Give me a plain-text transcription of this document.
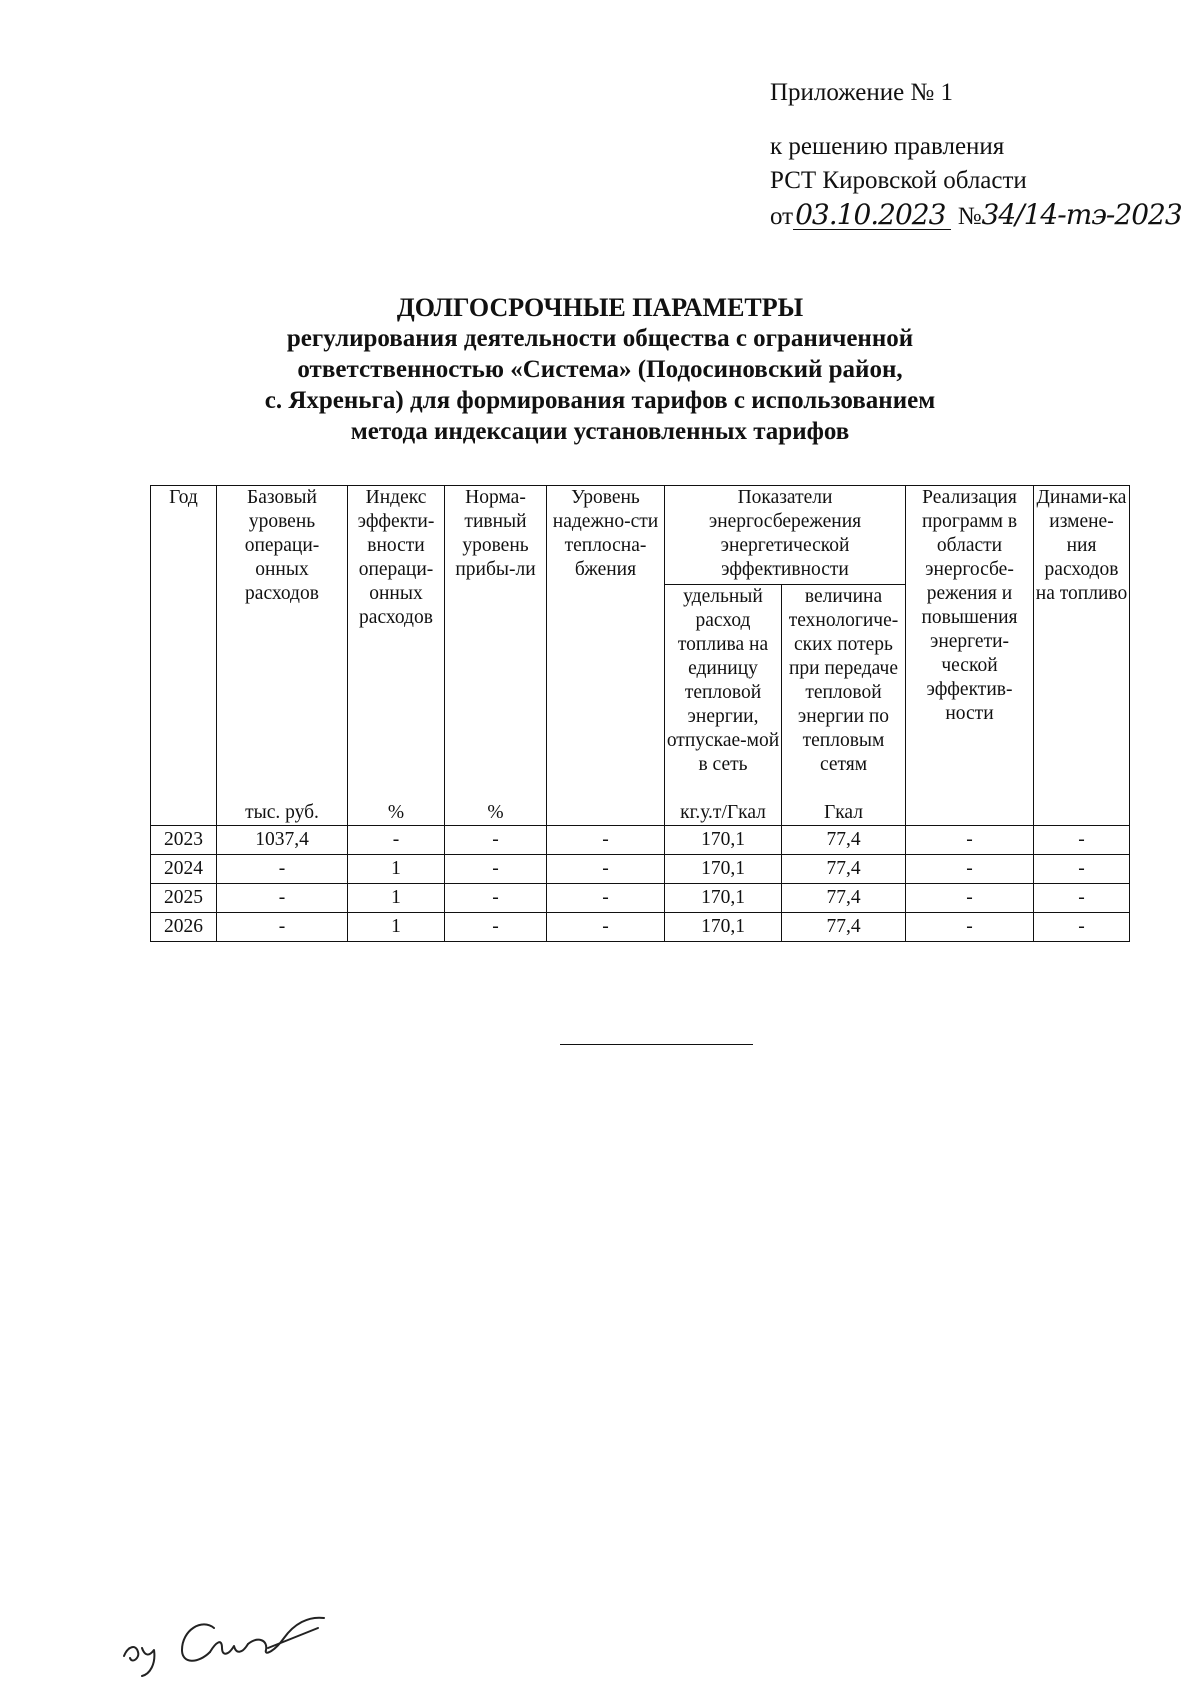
Приложение № 1
к решению правления
РСТ Кировской области
от03.10.2023 №34/14-тэ-2023
ДОЛГОСРОЧНЫЕ ПАРАМЕТРЫ
регулирования деятельности общества с ограниченной
ответственностью «Система» (Подосиновский район,
с. Яхреньга) для формирования тарифов с использованием
метода индексации установленных тарифов
Год	Базовый уровень операци-онных расходов	Индекс эффекти-вности операци-онных расходов	Норма-тивный уровень прибы-ли	Уровень надежно-сти теплосна-бжения	Показатели энергосбережения энергетической эффективности		Реализация программ в области энергосбе-режения и повышения энергети-ческой эффектив-ности	Динами-ка измене-ния расходов на топливо
					удельный расход топлива на единицу тепловой энергии, отпускае-мой в сеть	величина технологиче-ских потерь при передаче тепловой энергии по тепловым сетям		
	тыс. руб.	%	%		кг.у.т/Гкал	Гкал		
2023	1037,4	-	-	-	170,1	77,4	-	-
2024	-	1	-	-	170,1	77,4	-	-
2025	-	1	-	-	170,1	77,4	-	-
2026	-	1	-	-	170,1	77,4	-	-
